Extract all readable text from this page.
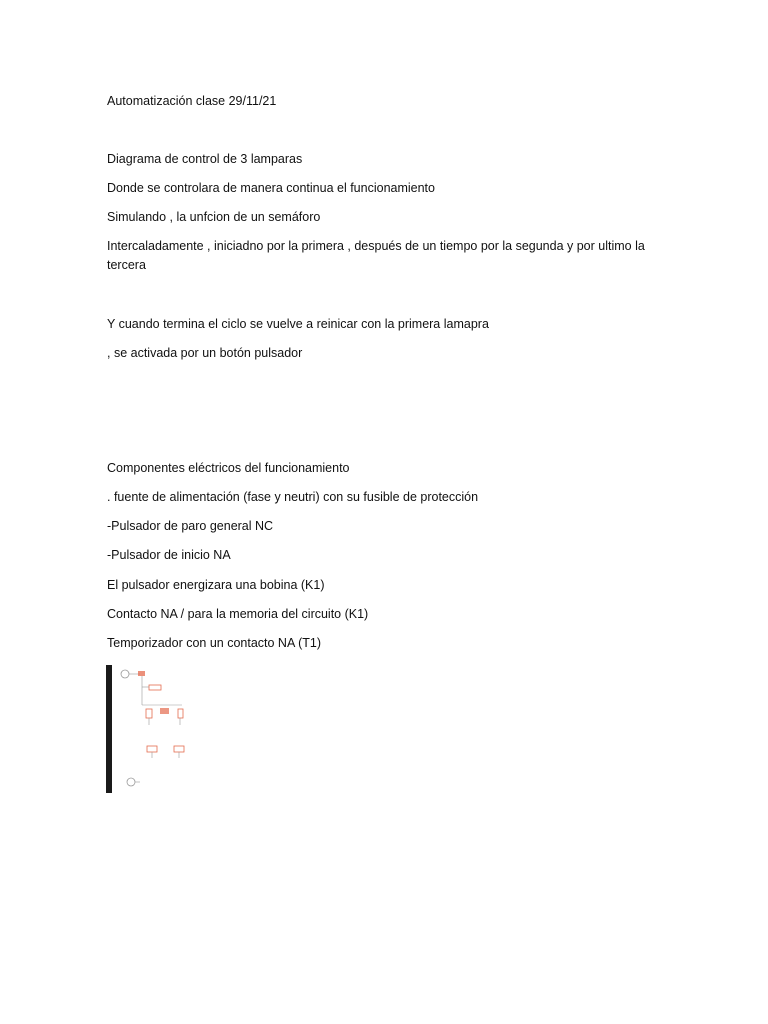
Automatización clase 29/11/21
Diagrama de control de 3 lamparas
Donde se controlara de manera continua el funcionamiento
Simulando , la unfcion de un semáforo
Intercaladamente , iniciadno por la primera , después de un tiempo por la segunda y por ultimo la tercera
Y cuando termina el ciclo se vuelve a reinicar con la primera lamapra
, se activada por un botón pulsador
Componentes eléctricos del funcionamiento
. fuente de alimentación (fase y neutri) con su fusible de protección
-Pulsador de paro general NC
-Pulsador de inicio NA
El pulsador energizara una bobina (K1)
Contacto NA / para la memoria del circuito (K1)
Temporizador con un contacto NA (T1)
